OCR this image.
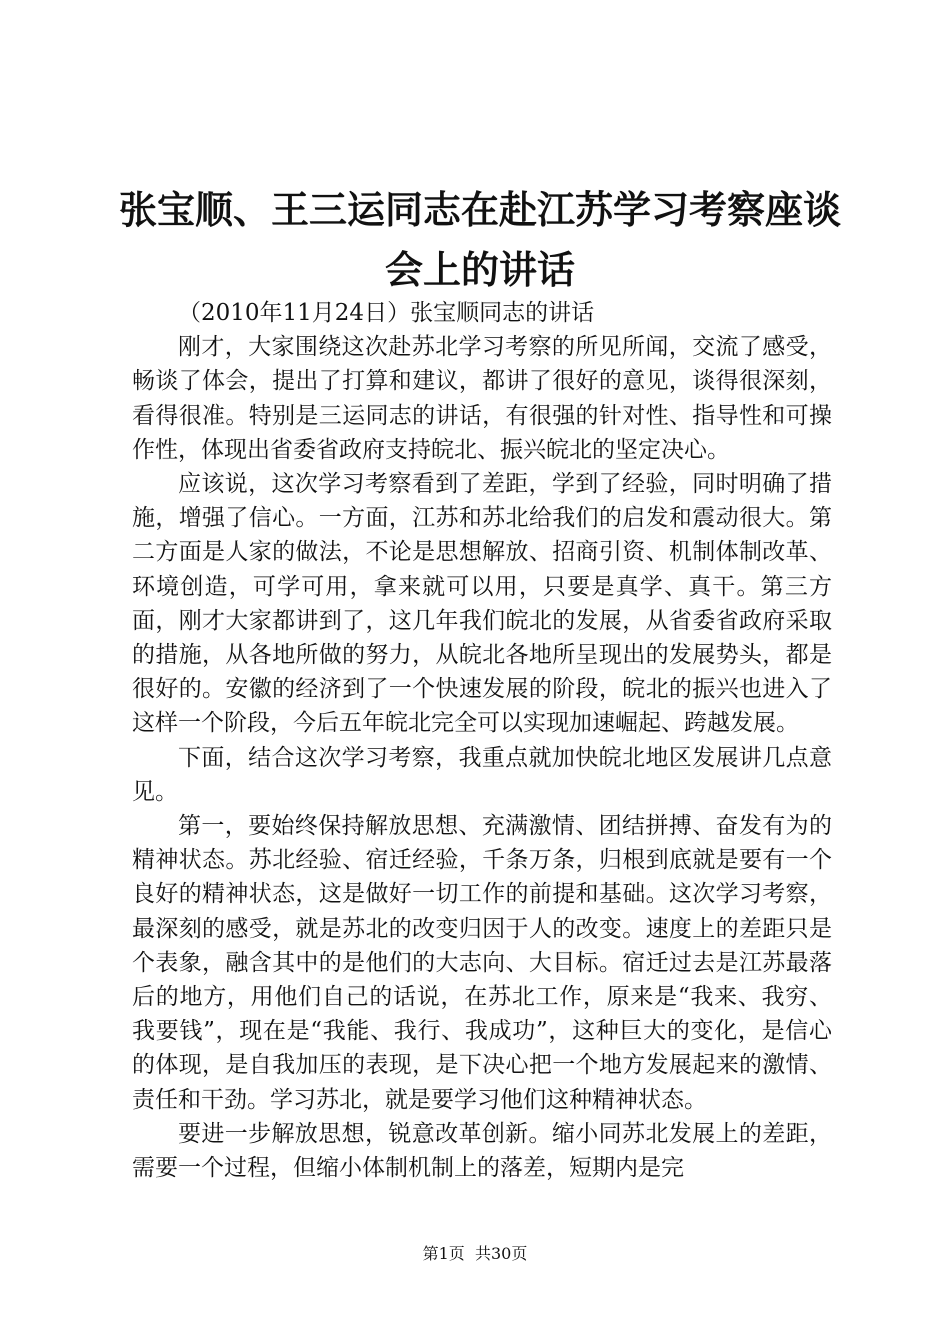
张宝顺、王三运同志在赴江苏学习考察座谈会上的讲话

（2010年11月24日）张宝顺同志的讲话

刚才，大家围绕这次赴苏北学习考察的所见所闻，交流了感受，畅谈了体会，提出了打算和建议，都讲了很好的意见，谈得很深刻，看得很准。特别是三运同志的讲话，有很强的针对性、指导性和可操作性，体现出省委省政府支持皖北、振兴皖北的坚定决心。

应该说，这次学习考察看到了差距，学到了经验，同时明确了措施，增强了信心。一方面，江苏和苏北给我们的启发和震动很大。第二方面是人家的做法，不论是思想解放、招商引资、机制体制改革、环境创造，可学可用，拿来就可以用，只要是真学、真干。第三方面，刚才大家都讲到了，这几年我们皖北的发展，从省委省政府采取的措施，从各地所做的努力，从皖北各地所呈现出的发展势头，都是很好的。安徽的经济到了一个快速发展的阶段，皖北的振兴也进入了这样一个阶段，今后五年皖北完全可以实现加速崛起、跨越发展。

下面，结合这次学习考察，我重点就加快皖北地区发展讲几点意见。

第一，要始终保持解放思想、充满激情、团结拼搏、奋发有为的精神状态。苏北经验、宿迁经验，千条万条，归根到底就是要有一个良好的精神状态，这是做好一切工作的前提和基础。这次学习考察，最深刻的感受，就是苏北的改变归因于人的改变。速度上的差距只是个表象，融含其中的是他们的大志向、大目标。宿迁过去是江苏最落后的地方，用他们自己的话说，在苏北工作，原来是“我来、我穷、我要钱”，现在是“我能、我行、我成功”，这种巨大的变化，是信心的体现，是自我加压的表现，是下决心把一个地方发展起来的激情、责任和干劲。学习苏北，就是要学习他们这种精神状态。

要进一步解放思想，锐意改革创新。缩小同苏北发展上的差距，需要一个过程，但缩小体制机制上的落差，短期内是完

第1页 共30页
